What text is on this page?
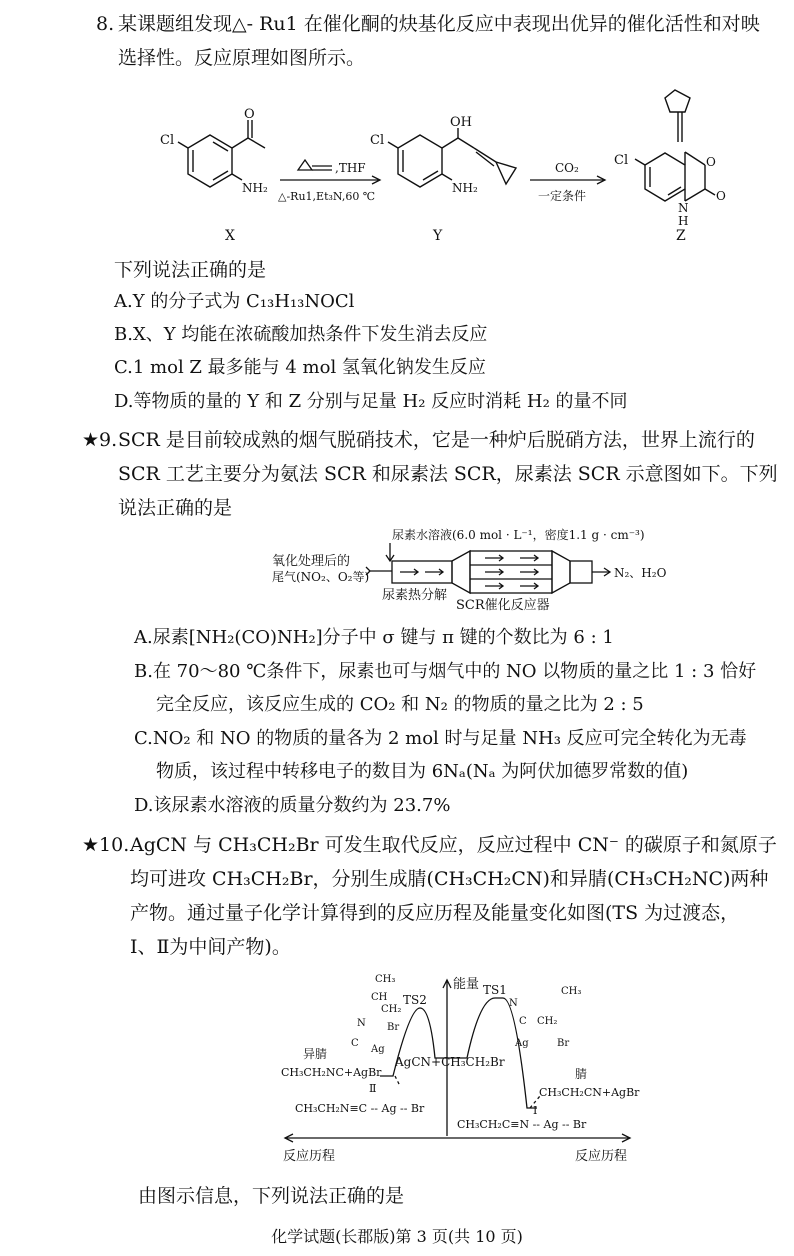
8. 某课题组发现△- Ru1 在催化酮的炔基化反应中表现出优异的催化活性和对映
选择性。反应原理如图所示。
Cl
O
NH₂
X
,THF
△-Ru1,Et₃N,60 ℃
Cl
OH
NH₂
Y
CO₂
一定条件
Cl	O
O
N
H
Z
下列说法正确的是
A.Y 的分子式为 C₁₃H₁₃NOCl
B.X、Y 均能在浓硫酸加热条件下发生消去反应
C.1 mol Z 最多能与 4 mol 氢氧化钠发生反应
D.等物质的量的 Y 和 Z 分别与足量 H₂ 反应时消耗 H₂ 的量不同
★9. SCR 是目前较成熟的烟气脱硝技术，它是一种炉后脱硝方法，世界上流行的
SCR 工艺主要分为氨法 SCR 和尿素法 SCR，尿素法 SCR 示意图如下。下列
说法正确的是
尿素水溶液(6.0 mol · L⁻¹，密度1.1 g · cm⁻³)
氧化处理后的
尾气(NO₂、O₂等)	N₂、H₂O
尿素热分解
SCR催化反应器
A.尿素[NH₂(CO)NH₂]分子中 σ 键与 π 键的个数比为 6 : 1
B.在 70～80 ℃条件下，尿素也可与烟气中的 NO 以物质的量之比 1 : 3 恰好
完全反应，该反应生成的 CO₂ 和 N₂ 的物质的量之比为 2 : 5
C.NO₂ 和 NO 的物质的量各为 2 mol 时与足量 NH₃ 反应可完全转化为无毒
物质，该过程中转移电子的数目为 6Nₐ(Nₐ 为阿伏加德罗常数的值)
D.该尿素水溶液的质量分数约为 23.7%
★10. AgCN 与 CH₃CH₂Br 可发生取代反应，反应过程中 CN⁻ 的碳原子和氮原子
均可进攻 CH₃CH₂Br，分别生成腈(CH₃CH₂CN)和异腈(CH₃CH₂NC)两种
产物。通过量子化学计算得到的反应历程及能量变化如图(TS 为过渡态，
Ⅰ、Ⅱ为中间产物)。
能量
反应历程	反应历程
TS2
TS1
AgCN+CH₃CH₂Br
异腈
CH₃CH₂NC+AgBr
Ⅱ
CH₃CH₂N≡C -- Ag -- Br
腈
CH₃CH₂CN+AgBr
Ⅰ
CH₃CH₂C≡N -- Ag -- Br
CH₃
CH
CH₂
N Br
C
Ag
CH₃
N
C CH₂
Ag	Br
由图示信息，下列说法正确的是
化学试题(长郡版)第 3 页(共 10 页)
